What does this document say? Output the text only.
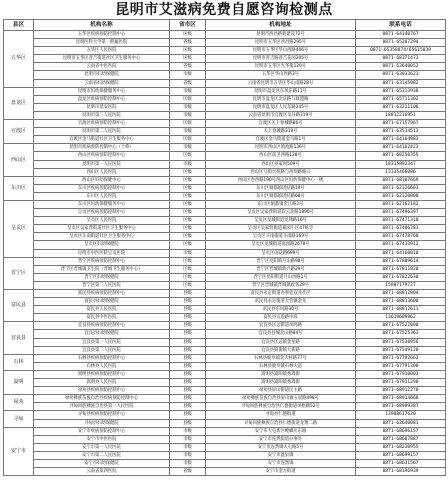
昆明市艾滋病免费自愿咨询检测点
县区	机构名称	省市区	机构地址	联系电话
五华区	五华区疾病预防控制中心	区级	昆明市西昌路新建设72号	0871-64140767
	昆明医科大学第一附属医院	省级	昆明市五华区西昌路295号	0871-65387294
	五华区人民医院	区级	昆明市五华区华山西路406号	0871-65358874/65615039
	昆明市五华区普吉街道社区卫生服务中心	区级	昆明市普吉路普吉花园205号	0871-68371473
	云南省中医医院	省级	昆明市五华区光华街120号	0871-63640052
	昆明市妇幼保健院	市级	五华区华山西路3号	0871-63033621
	云南省妇幼保健院	省级	云南省昆明市五华区华山南路28号	0871-63145982
盘龙区	昆明市妇幼保健服务中心	市级	昆明市盘龙区东风东路11号	0871-65313938
	盘龙区疾病预防控制中心	区级	昆明市盘龙区北京路与联盟路	0871-65711302
	昆明市延安医院	市级	昆明市盘龙区人民东路245号	0871-63211106
	昆明市第三人民医院	市级	云南省昆明市官渡区吴井路319号	18812216951
官渡区	官渡区疾病预防控制中心	区级	官渡区关上春城路86号	0871-67157967
	昆明市第二人民医院	市级	关上春城路319号	0871-63534513
	官渡区金马街道社区卫生服务中心	区级	官渡区金马街道金马路1号	0871-64164883
西山区	昆明市疾病预防控制中心（土桥）	市级	昆明市西山区滇池路136号	0871-64162423
	西山区疾病预防控制中心	区级	西山区前卫西路128号	0871-68250355
	昆明市第一人民医院	市级	西山区巫家坝509号	18315892347
	西山区人民医院	区级	西山区马街兴苑路与西坝路路口	13335466086
东川区	西山区妇幼保健中心	区级	西山区卷西路190号西山区妇幼保健中心一楼	0871-68107669
	东川区疾病预防控制中心	区级	东川区铜都镇团结路19号	0871-62126603
	东川区人民医院	区级	东川区铜都镇团结路68号	0871-62120800
呈贡区	东川区妇幼保健服务中心	区级	东川区铜都镇金江路3号	0871-62162182
	呈贡区疾病预防控制中心	区级	呈贡区吴家营街道彩云北路1890号	0871-67496397
	呈贡区人民医院	区级	呈贡区龙城街道龙翔路16号	0871-67471310
	呈贡区吴家营街道社区卫生服务中心	区级	呈贡区吴家营街道嘉园小区47栋旁	0871-67486281
	呈贡区斗南街道社区卫生服务中心	区级	呈贡区斗南街道斗南路169号	0871-67478760
	呈贡区妇幼保健院	区级	呈贡区龙城街道南园路2678号	0871-67433912
	昆明市中医医院呈贡医院	市级	呈贡区雨花路699号	0871-64160010
晋宁区	晋宁区疾病预防控制中心	区级	晋宁区昆阳镇月山路98号	0871-67809614
	晋宁区晋城镇卫生院（晋城卫生服务中心）	区级	晋宁区晋城镇新兴路29号	0871-67811820
	晋宁区妇幼保健院	区级	晋宁区昆阳街道月山西路1号	0871-67822630
	晋宁区第二人民医院	区级	晋宁区晋城镇晋城镇政务29号	15887179727
富民县	富民县疾病预防控制中心	县级	富民县永定街道办事处双龙社区	0871-68812804
	富民县妇幼保健院	县级	富民县永定街道大营镇金龙	0871-68813600
	富民县人民医院	县级	富民县东风路30号	0871-68812611
	富民县中医医院	县级	富民县五莲路中段	13619609862
宜良县	宜良县疾病预防控制中心	县级	宜良县匡远街道凤鸣路	0871-67522000
	宜良县妇幼保健院	县级	宜良县县城北山路84号	0871-67525363
	宜良县第一人民医院	县级	宜良县匡远镇金星路	0871-67538956
	宜良县第二人民医院	县级	宜良县狗街镇大新路	0871-67549120
石林	石林县疾病预防控制中心	县级	石林县鹿阜镇北大村路77号	0871-67792662
	石林县人民医院	县级	石林县鹿阜镇石林大道	0871-67791300
嵩明	嵩明县疾病预防控制中心	县级	嵩明县嵩阳镇秀嵩街	0871-67910003
	嵩明县人民医院	县级	嵩明县嵩阳镇秀嵩街	0871-67911290
	禄劝县疾病预防控制中心	县级	禄劝县屏山街道民主路	0871-68912270
禄劝	禄劝彝族苗族自治县疾病预防控制中心	县级	禄劝彝族苗族自治县屏山镇五星路498号	0871-68914668
	寻甸回族彝族自治县第一人民医院	县级	寻甸回族彝族自治县仁德街道凤梧路52号	0871-68999387
寻甸	寻甸县疾病预防控制中心	县级	寻甸县仁德街道	13988617620
	寻甸县妇幼保健院	县级	寻甸回族彝族自治县仁德街道龙翔二路	0871-62640081
安宁市	安宁市疾病预防控制中心	市级	安宁市大屯新区螳螂川东路	0871-68696157
	安宁市中医医院	市级	安宁市连然街道办事处	0871-68607887
	安宁市第一人民医院	市级	安宁市连然镇大屯路5号	0871-68230955
	安宁市第二人民医院	市级	安宁市温泉镇	0871-68699157
	安宁市妇幼保健院	市级	安宁市连然镇	0871-68631567
	云南省第四医院	省级	安宁市金方街道	0871-68196939
